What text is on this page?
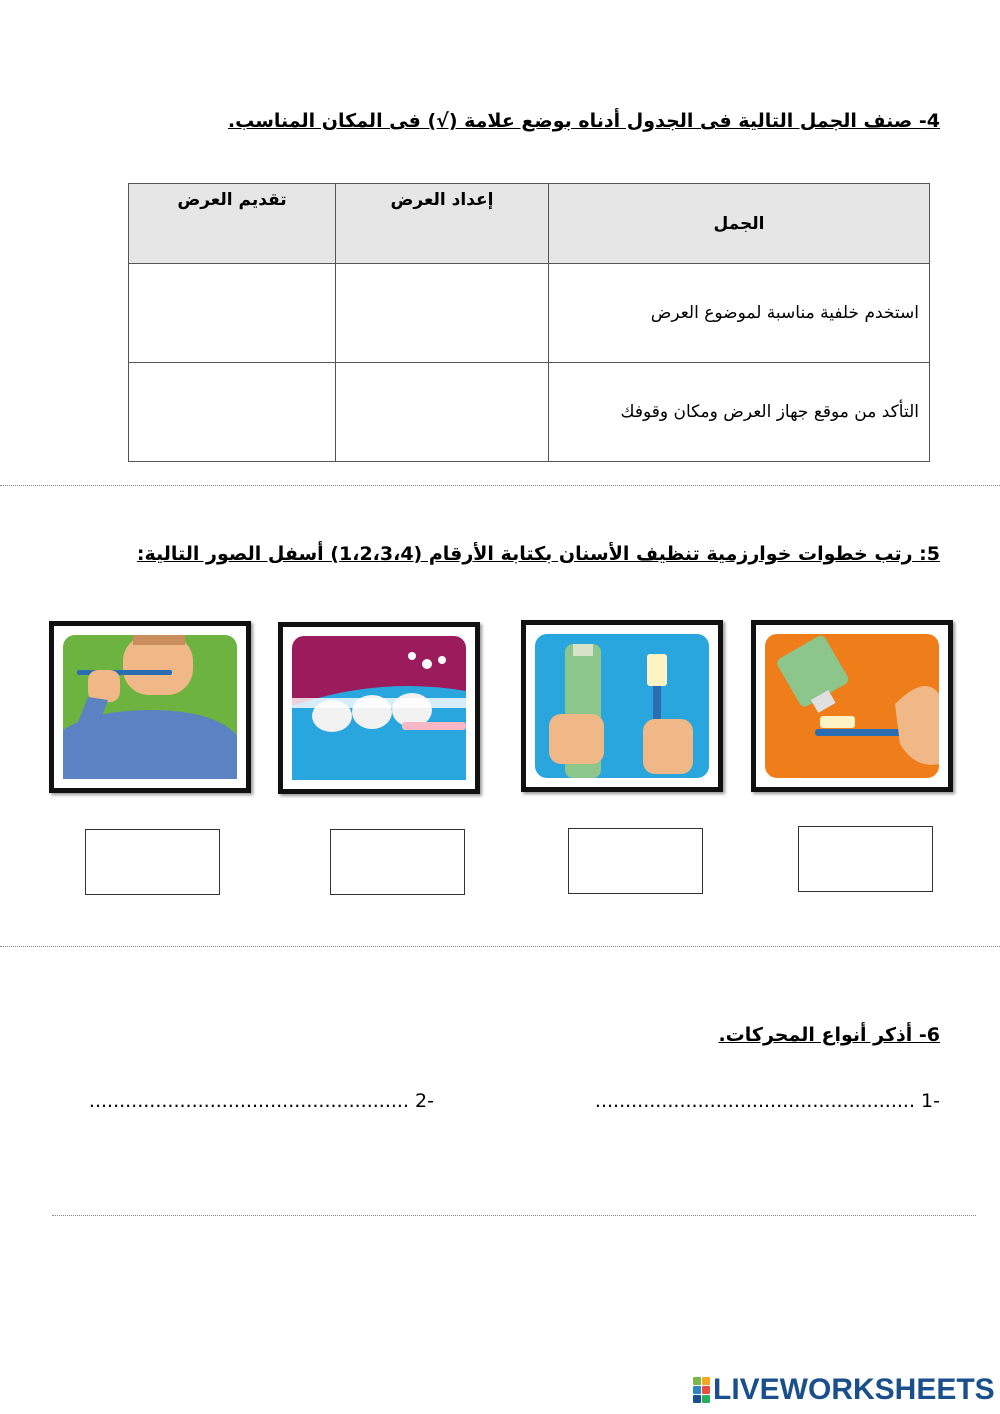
4- صنف الجمل التالية فى الجدول أدناه بوضع علامة (√) فى المكان المناسب.
الجمل	إعداد العرض	تقديم العرض
استخدم خلفية مناسبة لموضوع العرض		
التأكد من موقع جهاز العرض ومكان وقوفك		
5: رتب خطوات خوارزمية تنظيف الأسنان بكتابة الأرقام (1،2،3،4) أسفل الصور التالية:
6- أذكر أنواع المحركات.
-1 .....................................................
-2 .....................................................
LIVEWORKSHEETS
